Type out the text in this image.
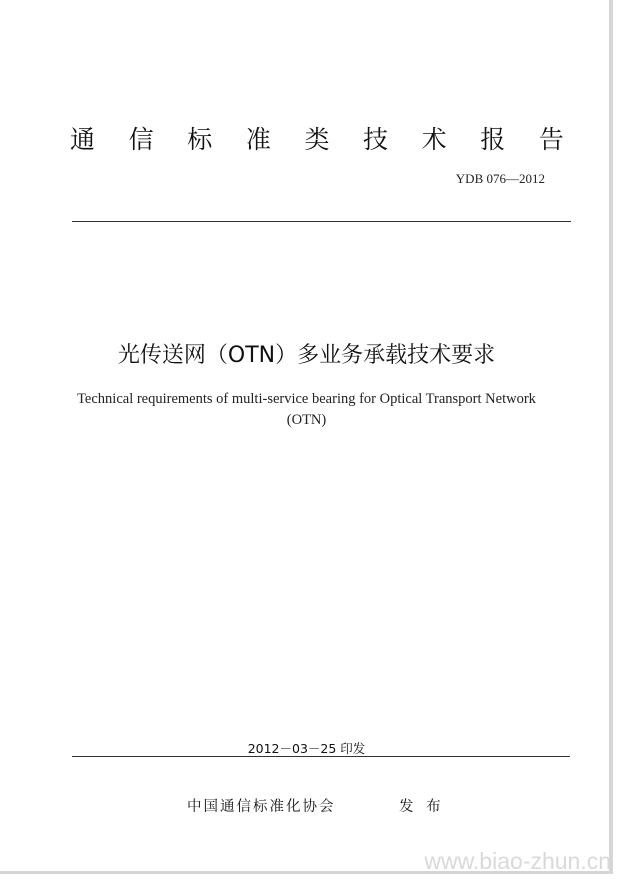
通 信 标 准 类 技 术 报 告
YDB 076—2012
光传送网（OTN）多业务承载技术要求
Technical requirements of multi-service bearing for Optical Transport Network
(OTN)
2012－03－25 印发
中国通信标准化协会	发 布
www.biao-zhun.cn
